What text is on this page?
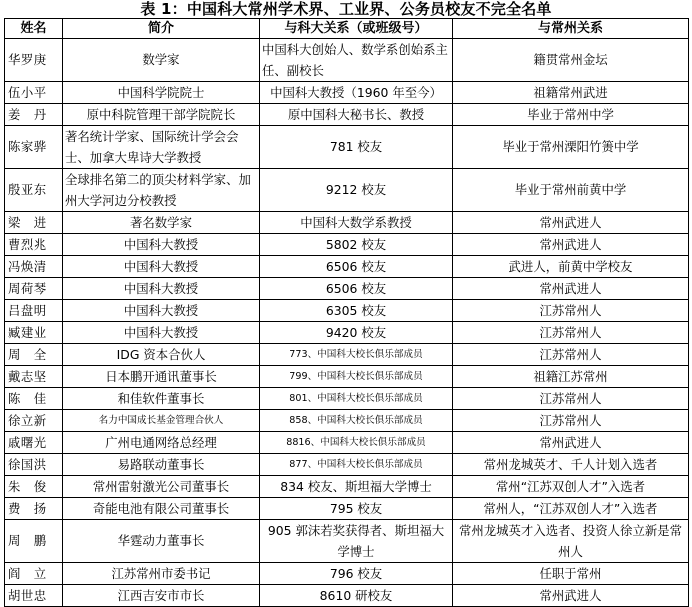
表 1：中国科大常州学术界、工业界、公务员校友不完全名单
姓名	简介	与科大关系（或班级号）	与常州关系
华罗庚	数学家	中国科大创始人、数学系创始系主任、副校长	籍贯常州金坛
伍小平	中国科学院院士	中国科大教授（1960 年至今）	祖籍常州武进
姜　丹	原中科院管理干部学院院长	原中国科大秘书长、教授	毕业于常州中学
陈家骅	著名统计学家、国际统计学会会士、加拿大卑诗大学教授	781 校友	毕业于常州溧阳竹箦中学
殷亚东	全球排名第二的顶尖材料学家、加州大学河边分校教授	9212 校友	毕业于常州前黄中学
梁　进	著名数学家	中国科大数学系教授	常州武进人
曹烈兆	中国科大教授	5802 校友	常州武进人
冯焕清	中国科大教授	6506 校友	武进人，前黄中学校友
周荷琴	中国科大教授	6506 校友	常州武进人
吕盘明	中国科大教授	6305 校友	江苏常州人
臧建业	中国科大教授	9420 校友	江苏常州人
周　全	IDG 资本合伙人	773、中国科大校长俱乐部成员	江苏常州人
戴志坚	日本鹏开通讯董事长	799、中国科大校长俱乐部成员	祖籍江苏常州
陈　佳	和佳软件董事长	801、中国科大校长俱乐部成员	江苏常州人
徐立新	名力中国成长基金管理合伙人	858、中国科大校长俱乐部成员	江苏常州人
戚曙光	广州电通网络总经理	8816、中国科大校长俱乐部成员	常州武进人
徐国洪	易路联动董事长	877、中国科大校长俱乐部成员	常州龙城英才、千人计划入选者
朱　俊	常州雷射激光公司董事长	834 校友、斯坦福大学博士	常州“江苏双创人才”入选者
费　扬	奇能电池有限公司董事长	795 校友	常州人，“江苏双创人才”入选者
周　鹏	华霆动力董事长	905 郭沫若奖获得者、斯坦福大学博士	常州龙城英才入选者、投资人徐立新是常州人
阎　立	江苏常州市委书记	796 校友	任职于常州
胡世忠	江西吉安市市长	8610 研校友	常州武进人
